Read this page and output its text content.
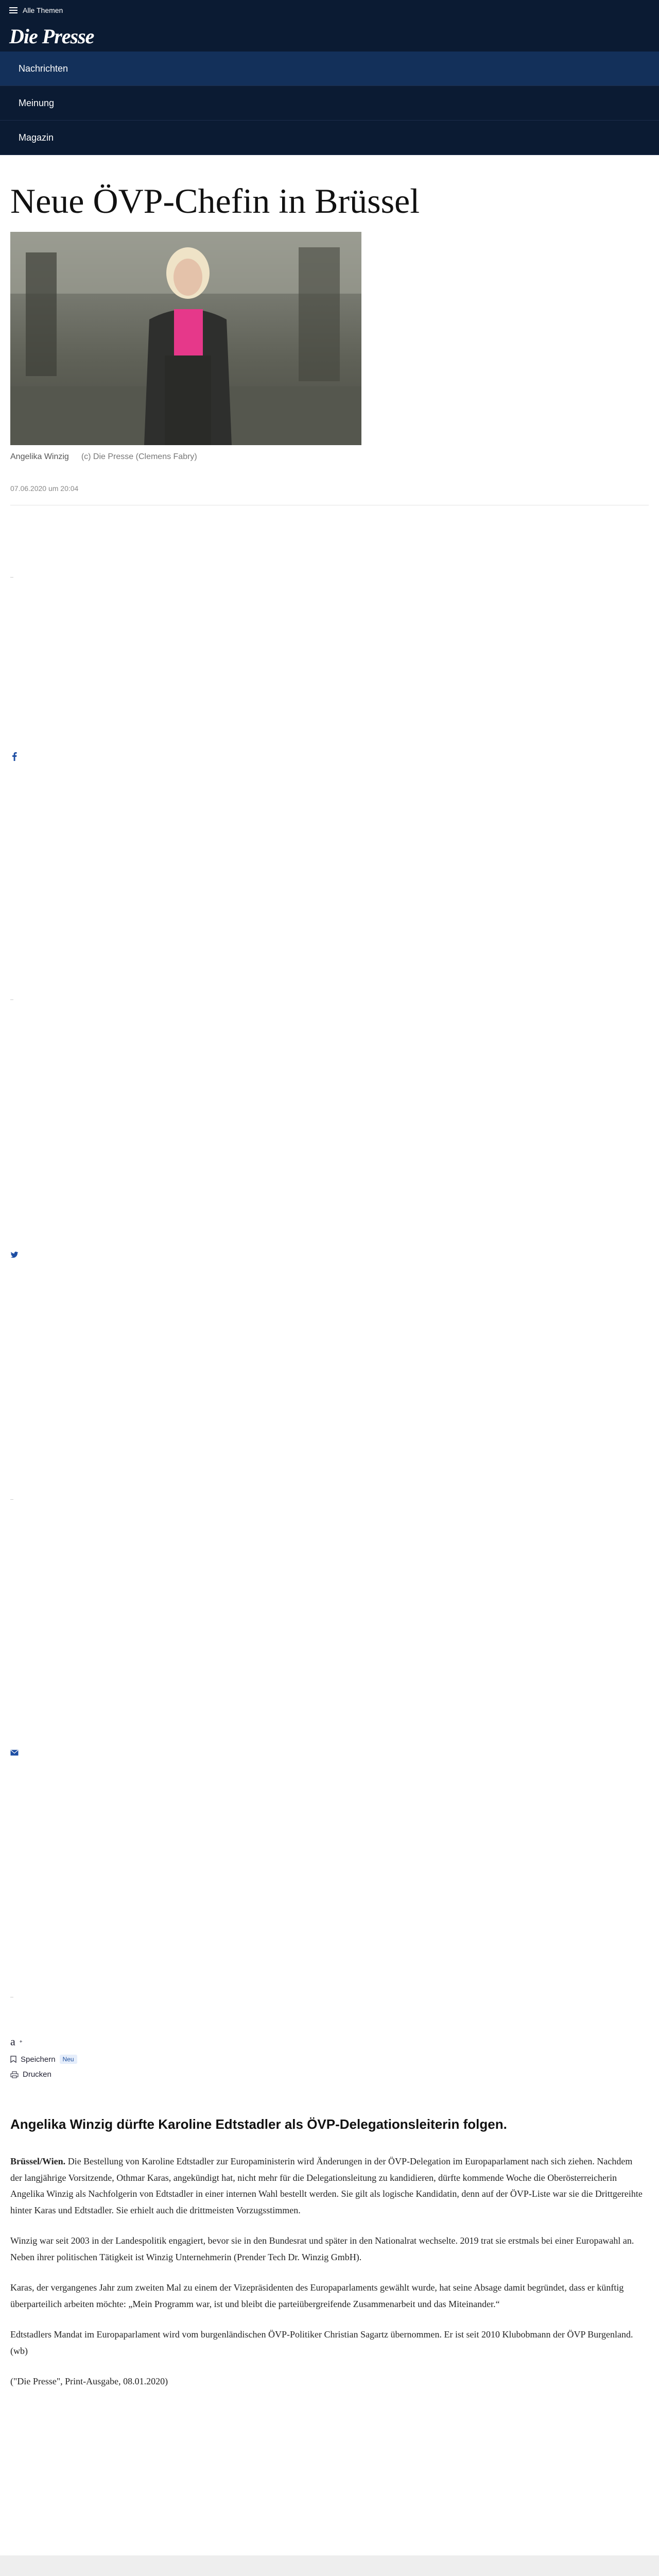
Alle Themen
Die Presse
Nachrichten
Meinung
Magazin
Neue ÖVP-Chefin in Brüssel
Angelika Winzig (c) Die Presse (Clemens Fabry)
07.06.2020 um 20:04
a +
Speichern	Neu
Drucken
Angelika Winzig dürfte Karoline Edtstadler als ÖVP-Delegationsleiterin folgen.

Brüssel/Wien. Die Bestellung von Karoline Edtstadler zur Europaministerin wird Änderungen in der ÖVP-Delegation im Europaparlament nach sich ziehen. Nachdem der langjährige Vorsitzende, Othmar Karas, angekündigt hat, nicht mehr für die Delegationsleitung zu kandidieren, dürfte kommende Woche die Oberösterreicherin Angelika Winzig als Nachfolgerin von Edtstadler in einer internen Wahl bestellt werden. Sie gilt als logische Kandidatin, denn auf der ÖVP-Liste war sie die Drittgereihte hinter Karas und Edtstadler. Sie erhielt auch die drittmeisten Vorzugsstimmen.

Winzig war seit 2003 in der Landespolitik engagiert, bevor sie in den Bundesrat und später in den Nationalrat wechselte. 2019 trat sie erstmals bei einer Europawahl an. Neben ihrer politischen Tätigkeit ist Winzig Unternehmerin (Prender Tech Dr. Winzig GmbH).

Karas, der vergangenes Jahr zum zweiten Mal zu einem der Vizepräsidenten des Europaparlaments gewählt wurde, hat seine Absage damit begründet, dass er künftig überparteilich arbeiten möchte: „Mein Programm war, ist und bleibt die parteiübergreifende Zusammenarbeit und das Miteinander.“

Edtstadlers Mandat im Europaparlament wird vom burgenländischen ÖVP-Politiker Christian Sagartz übernommen. Er ist seit 2010 Klubobmann der ÖVP Burgenland. (wb)

("Die Presse", Print-Ausgabe, 08.01.2020)
